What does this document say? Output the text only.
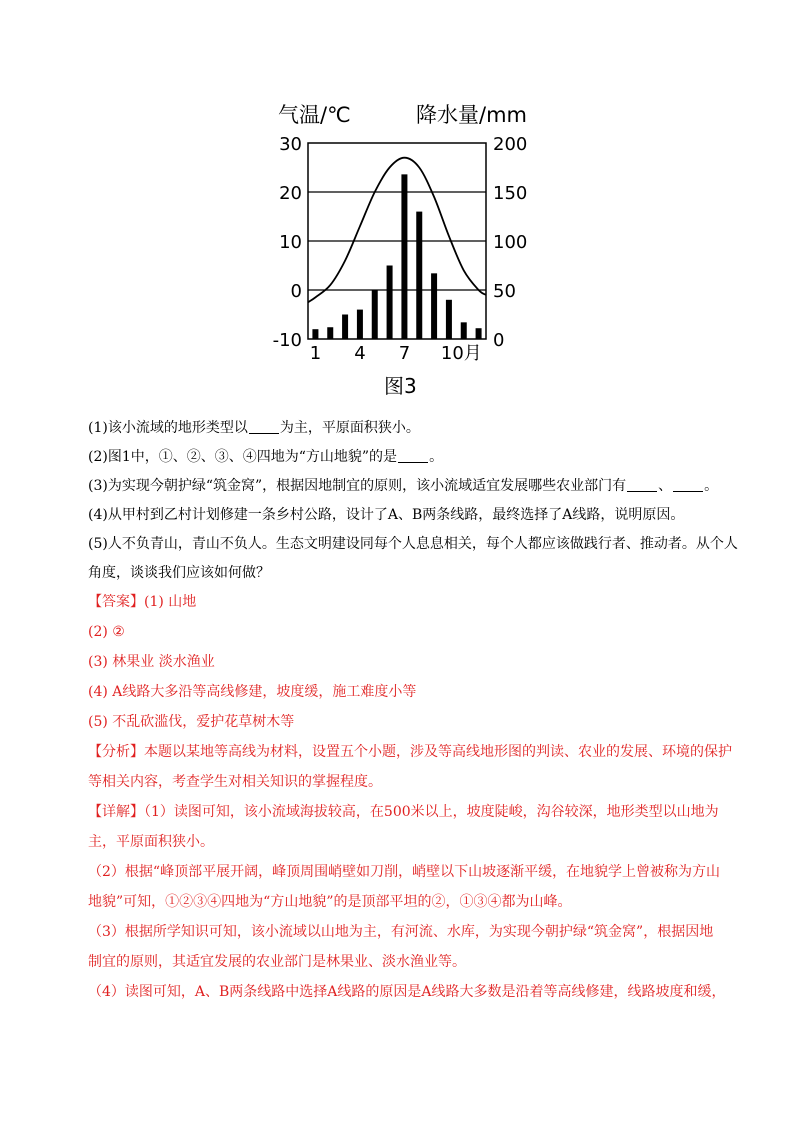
气温/℃	降水量/mm
30
20
10
0
-10
200
150
100
50
0
1 4 7 10月
图3
(1)该小流域的地形类型以 为主，平原面积狭小。
(2)图1中，①、②、③、④四地为“方山地貌”的是 。
(3)为实现今朝护绿“筑金窝”，根据因地制宜的原则，该小流域适宜发展哪些农业部门有 、 。
(4)从甲村到乙村计划修建一条乡村公路，设计了A、B两条线路，最终选择了A线路，说明原因。
(5)人不负青山，青山不负人。生态文明建设同每个人息息相关，每个人都应该做践行者、推动者。从个人
角度，谈谈我们应该如何做？
【答案】(1) 山地
(2) ②
(3) 林果业 淡水渔业
(4) A线路大多沿等高线修建，坡度缓，施工难度小等
(5) 不乱砍滥伐，爱护花草树木等
【分析】本题以某地等高线为材料，设置五个小题，涉及等高线地形图的判读、农业的发展、环境的保护
等相关内容，考查学生对相关知识的掌握程度。
【详解】（1）读图可知，该小流域海拔较高，在500米以上，坡度陡峻，沟谷较深，地形类型以山地为
主，平原面积狭小。
（2）根据“峰顶部平展开阔，峰顶周围峭壁如刀削，峭壁以下山坡逐渐平缓，在地貌学上曾被称为方山
地貌”可知，①②③④四地为“方山地貌”的是顶部平坦的②，①③④都为山峰。
（3）根据所学知识可知，该小流域以山地为主，有河流、水库，为实现今朝护绿“筑金窝”，根据因地
制宜的原则，其适宜发展的农业部门是林果业、淡水渔业等。
（4）读图可知，A、B两条线路中选择A线路的原因是A线路大多数是沿着等高线修建，线路坡度和缓，
